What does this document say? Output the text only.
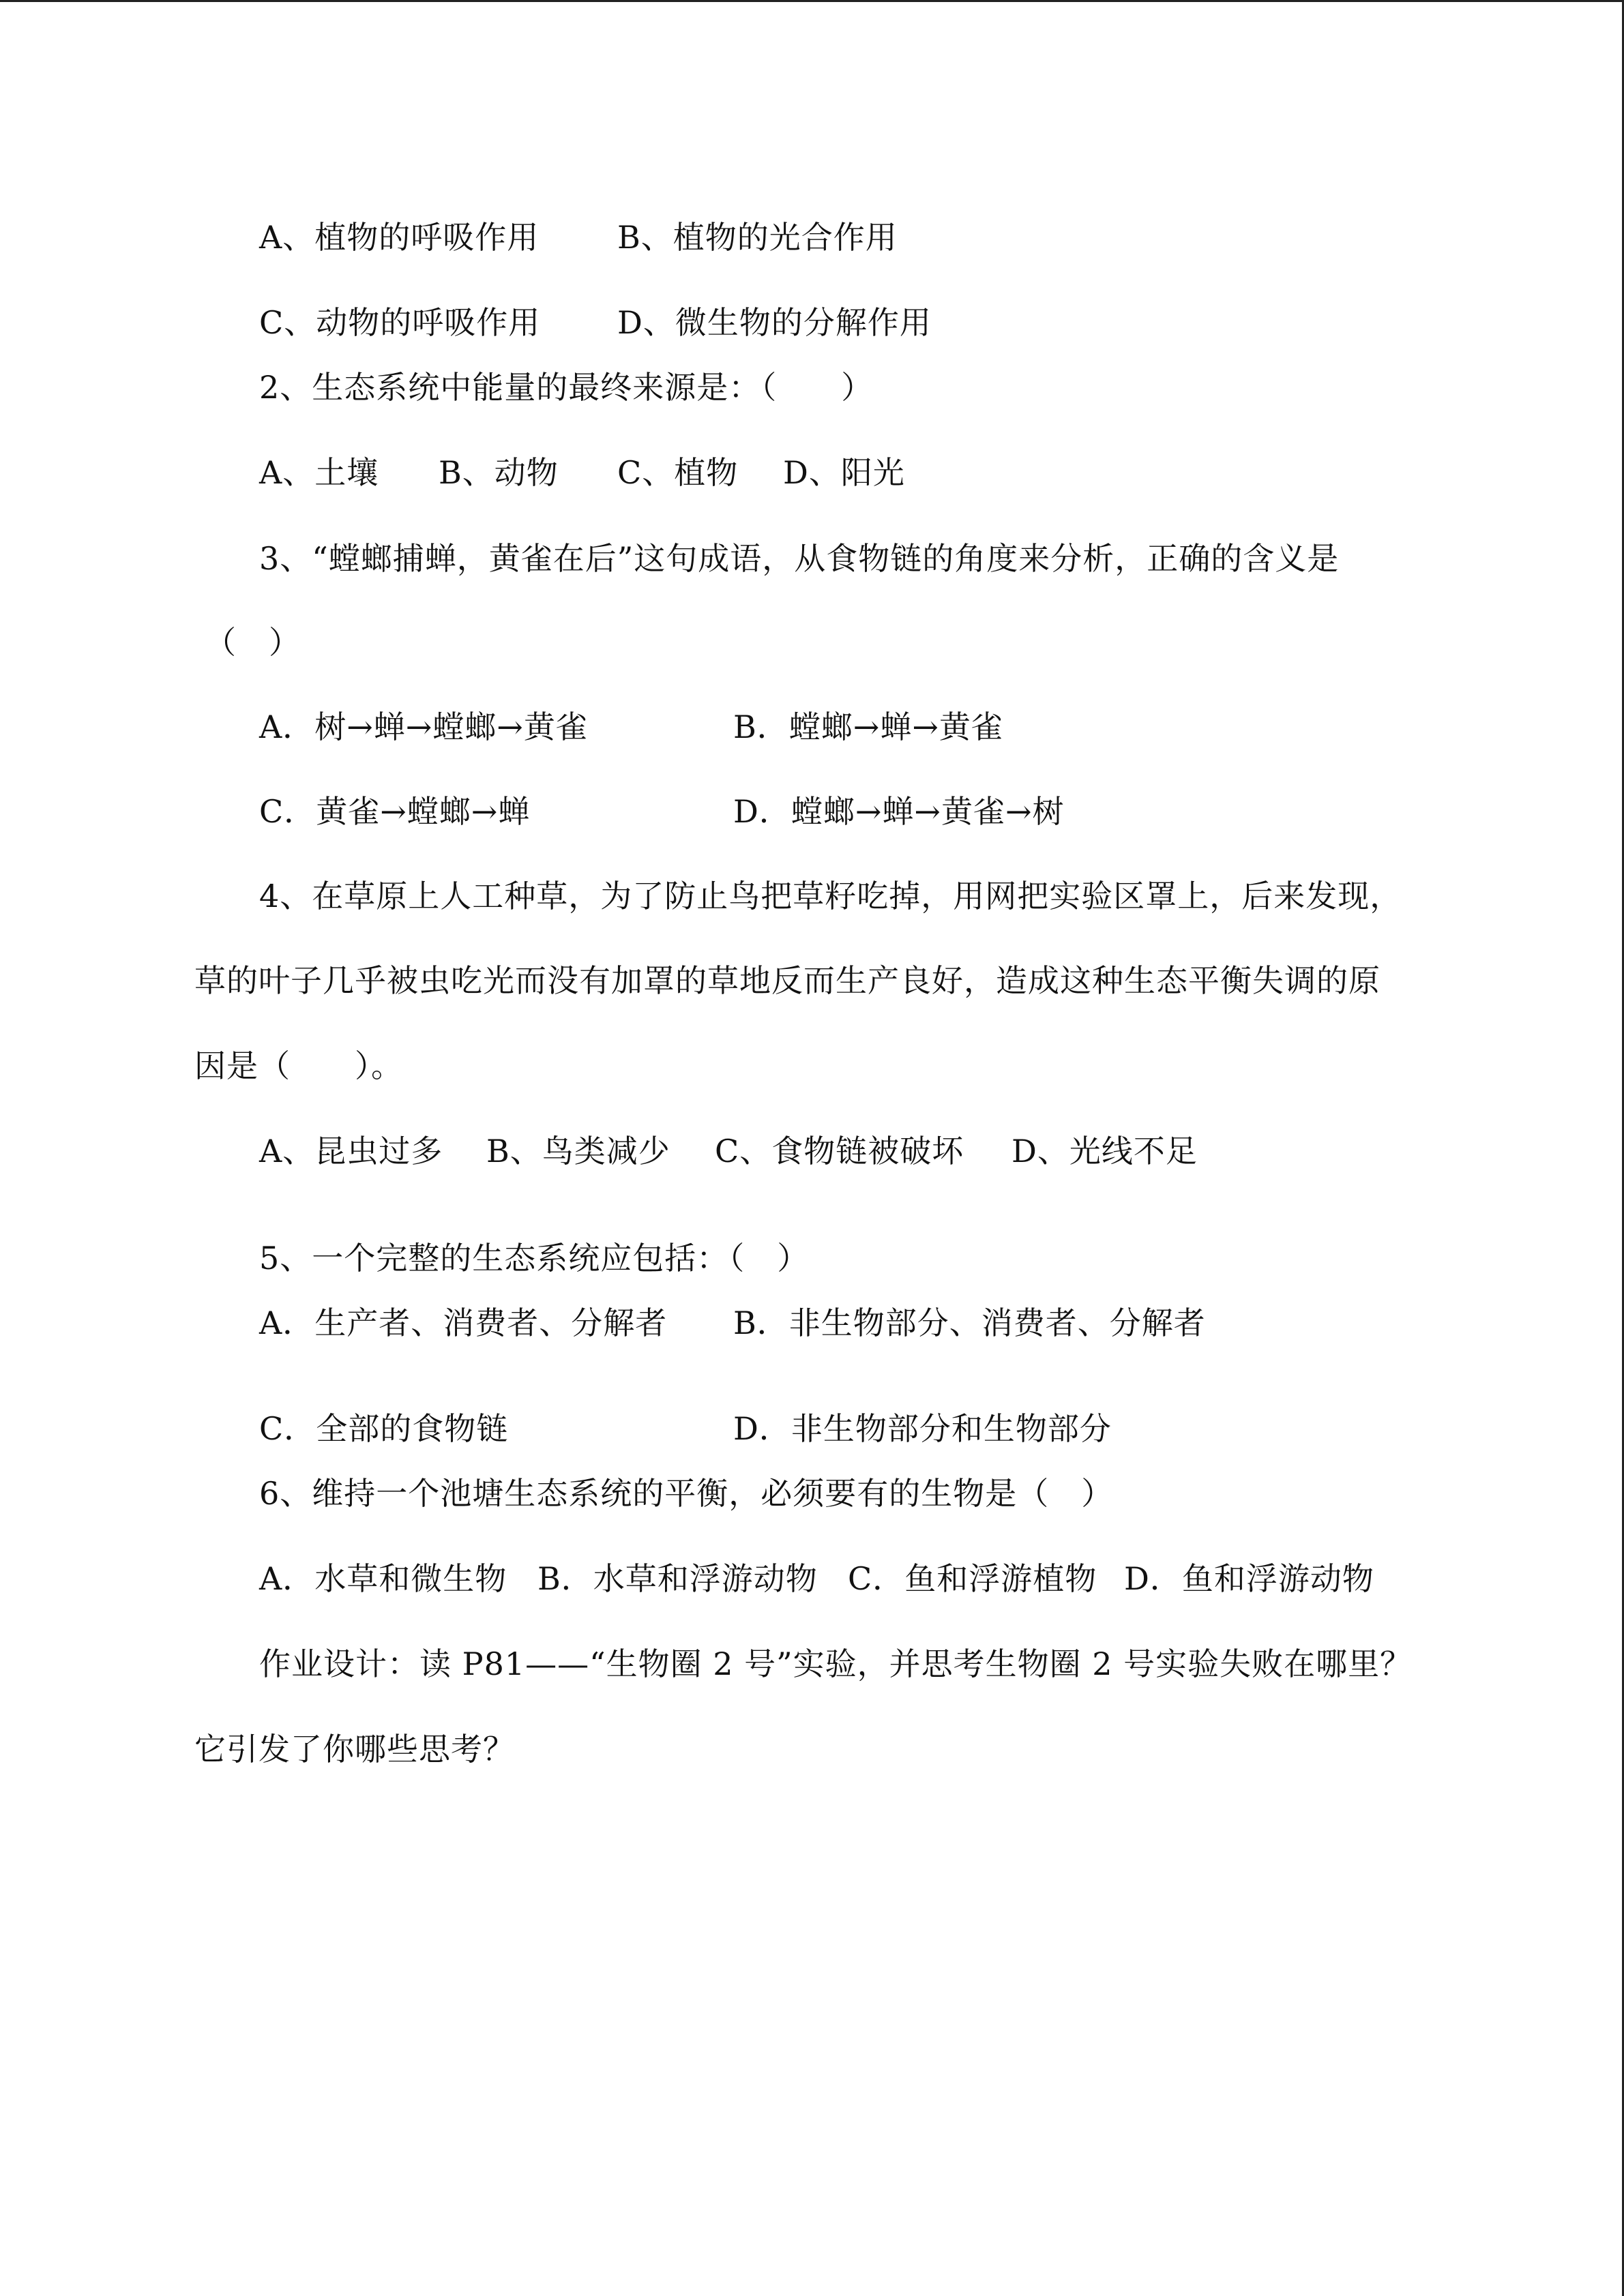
A、植物的呼吸作用 B、植物的光合作用
C、动物的呼吸作用 D、微生物的分解作用
2、生态系统中能量的最终来源是：（　　）
A、土壤 B、动物 C、植物 D、阳光
3、“螳螂捕蝉，黄雀在后”这句成语，从食物链的角度来分析，正确的含义是
（　）
A．树→蝉→螳螂→黄雀	B．螳螂→蝉→黄雀
C．黄雀→螳螂→蝉	D．螳螂→蝉→黄雀→树
4、在草原上人工种草，为了防止鸟把草籽吃掉，用网把实验区罩上，后来发现，
草的叶子几乎被虫吃光而没有加罩的草地反而生产良好，造成这种生态平衡失调的原
因是（　　）。
A、昆虫过多 B、鸟类减少 C、食物链被破坏 D、光线不足
5、一个完整的生态系统应包括：（　）
A．生产者、消费者、分解者 B．非生物部分、消费者、分解者
C．全部的食物链	D．非生物部分和生物部分
6、维持一个池塘生态系统的平衡，必须要有的生物是（　）
A．水草和微生物 B．水草和浮游动物 C．鱼和浮游植物 D．鱼和浮游动物
作业设计：读 P81——“生物圈 2 号”实验，并思考生物圈 2 号实验失败在哪里？
它引发了你哪些思考？
